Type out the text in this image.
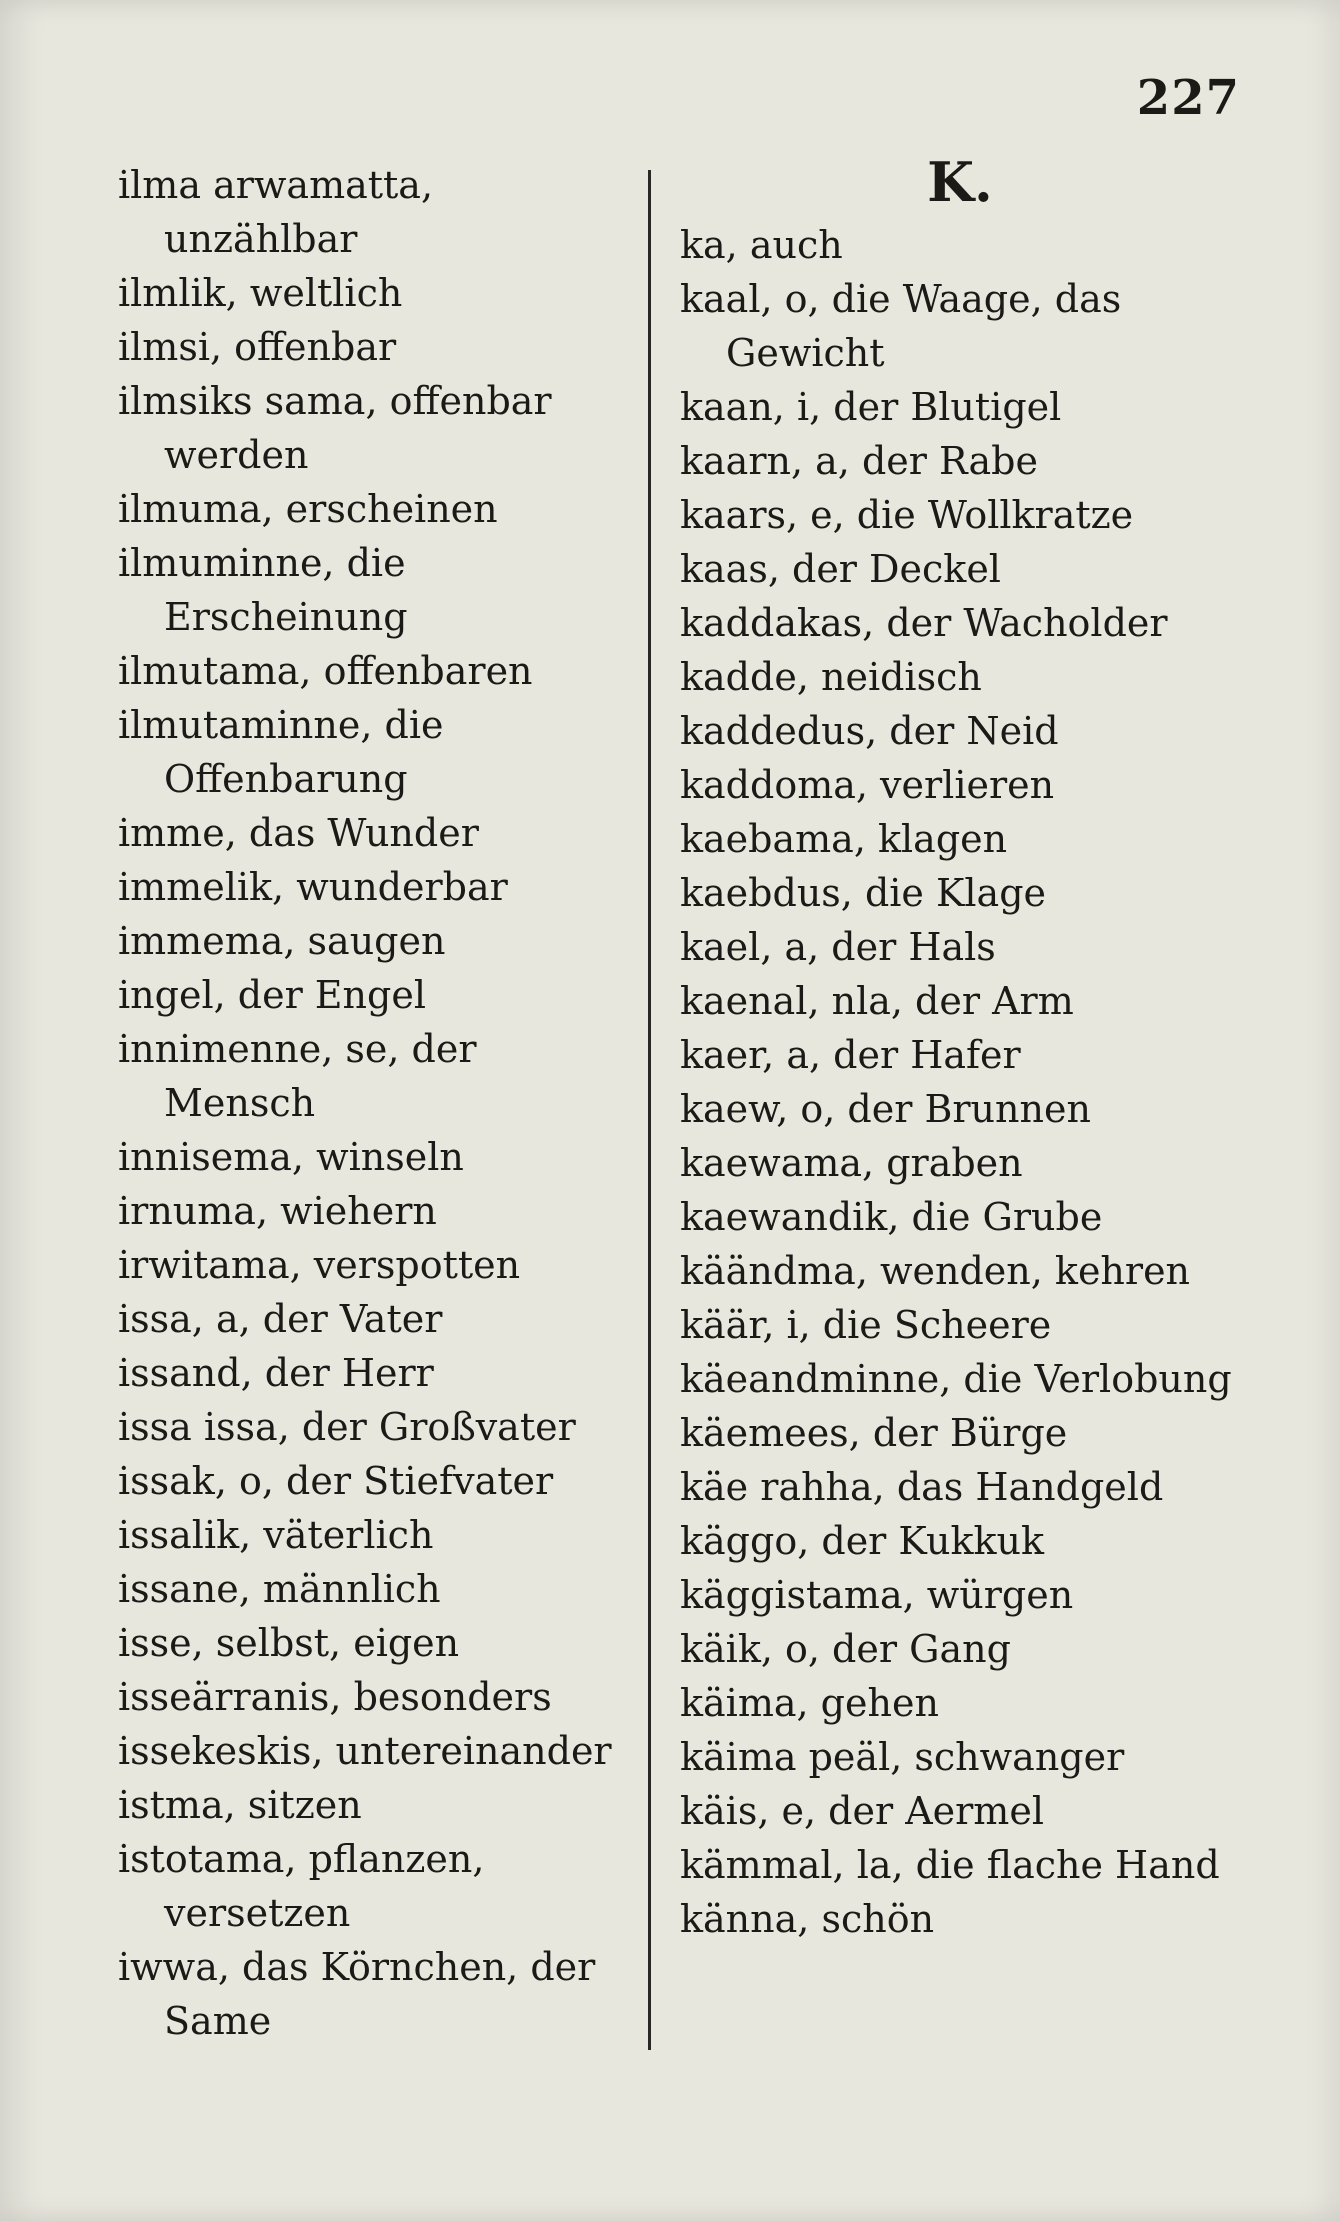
227
ilma arwamatta, unzählbar
ilmlik, weltlich
ilmsi, offenbar
ilmsiks sama, offenbar werden
ilmuma, erscheinen
ilmuminne, die Erscheinung
ilmutama, offenbaren
ilmutaminne, die Offenbarung
imme, das Wunder
immelik, wunderbar
immema, saugen
ingel, der Engel
innimenne, se, der Mensch
innisema, winseln
irnuma, wiehern
irwitama, verspotten
issa, a, der Vater
issand, der Herr
issa issa, der Großvater
issak, o, der Stiefvater
issalik, väterlich
issane, männlich
isse, selbst, eigen
isseärranis, besonders
issekeskis, untereinander
istma, sitzen
istotama, pflanzen, versetzen
iwwa, das Körnchen, der Same
K.
ka, auch
kaal, o, die Waage, das Gewicht
kaan, i, der Blutigel
kaarn, a, der Rabe
kaars, e, die Wollkratze
kaas, der Deckel
kaddakas, der Wacholder
kadde, neidisch
kaddedus, der Neid
kaddoma, verlieren
kaebama, klagen
kaebdus, die Klage
kael, a, der Hals
kaenal, nla, der Arm
kaer, a, der Hafer
kaew, o, der Brunnen
kaewama, graben
kaewandik, die Grube
käändma, wenden, kehren
käär, i, die Scheere
käeandminne, die Verlobung
käemees, der Bürge
käe rahha, das Handgeld
käggo, der Kukkuk
käggistama, würgen
käik, o, der Gang
käima, gehen
käima peäl, schwanger
käis, e, der Aermel
kämmal, la, die flache Hand
känna, schön
